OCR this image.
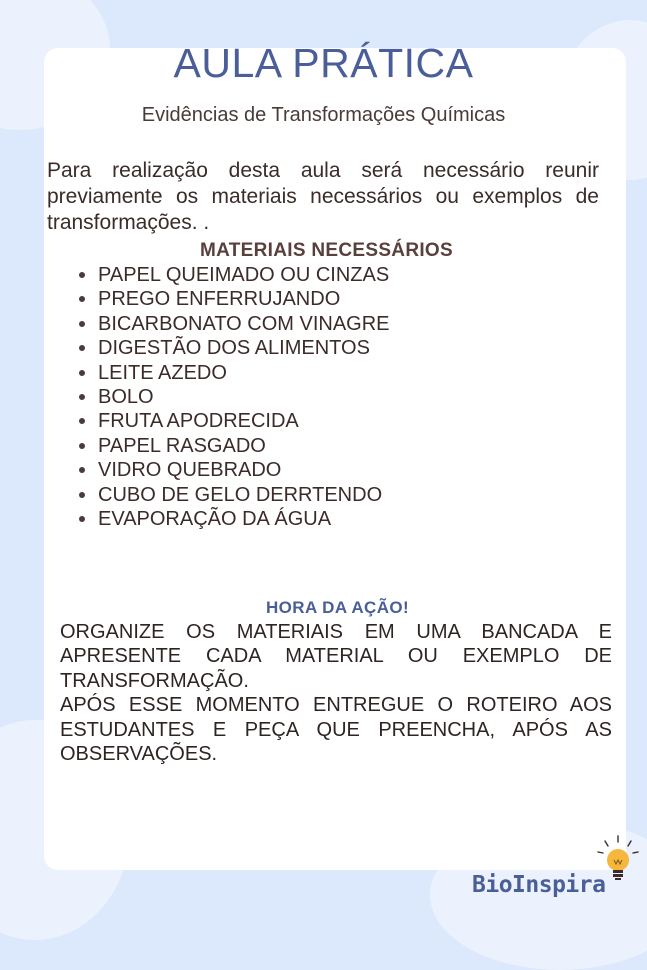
AULA PRÁTICA
Evidências de Transformações Químicas
Para realização desta aula será necessário reunir previamente os materiais necessários ou exemplos de transformações. .
MATERIAIS NECESSÁRIOS
PAPEL QUEIMADO OU CINZAS
PREGO ENFERRUJANDO
BICARBONATO COM VINAGRE
DIGESTÃO DOS ALIMENTOS
LEITE AZEDO
BOLO
FRUTA APODRECIDA
PAPEL RASGADO
VIDRO QUEBRADO
CUBO DE GELO DERRTENDO
EVAPORAÇÃO DA ÁGUA
HORA DA AÇÃO!

ORGANIZE OS MATERIAIS EM UMA BANCADA E APRESENTE CADA MATERIAL OU EXEMPLO DE TRANSFORMAÇÃO.

APÓS ESSE MOMENTO ENTREGUE O ROTEIRO AOS ESTUDANTES E PEÇA QUE PREENCHA, APÓS AS OBSERVAÇÕES.

BioInspira
